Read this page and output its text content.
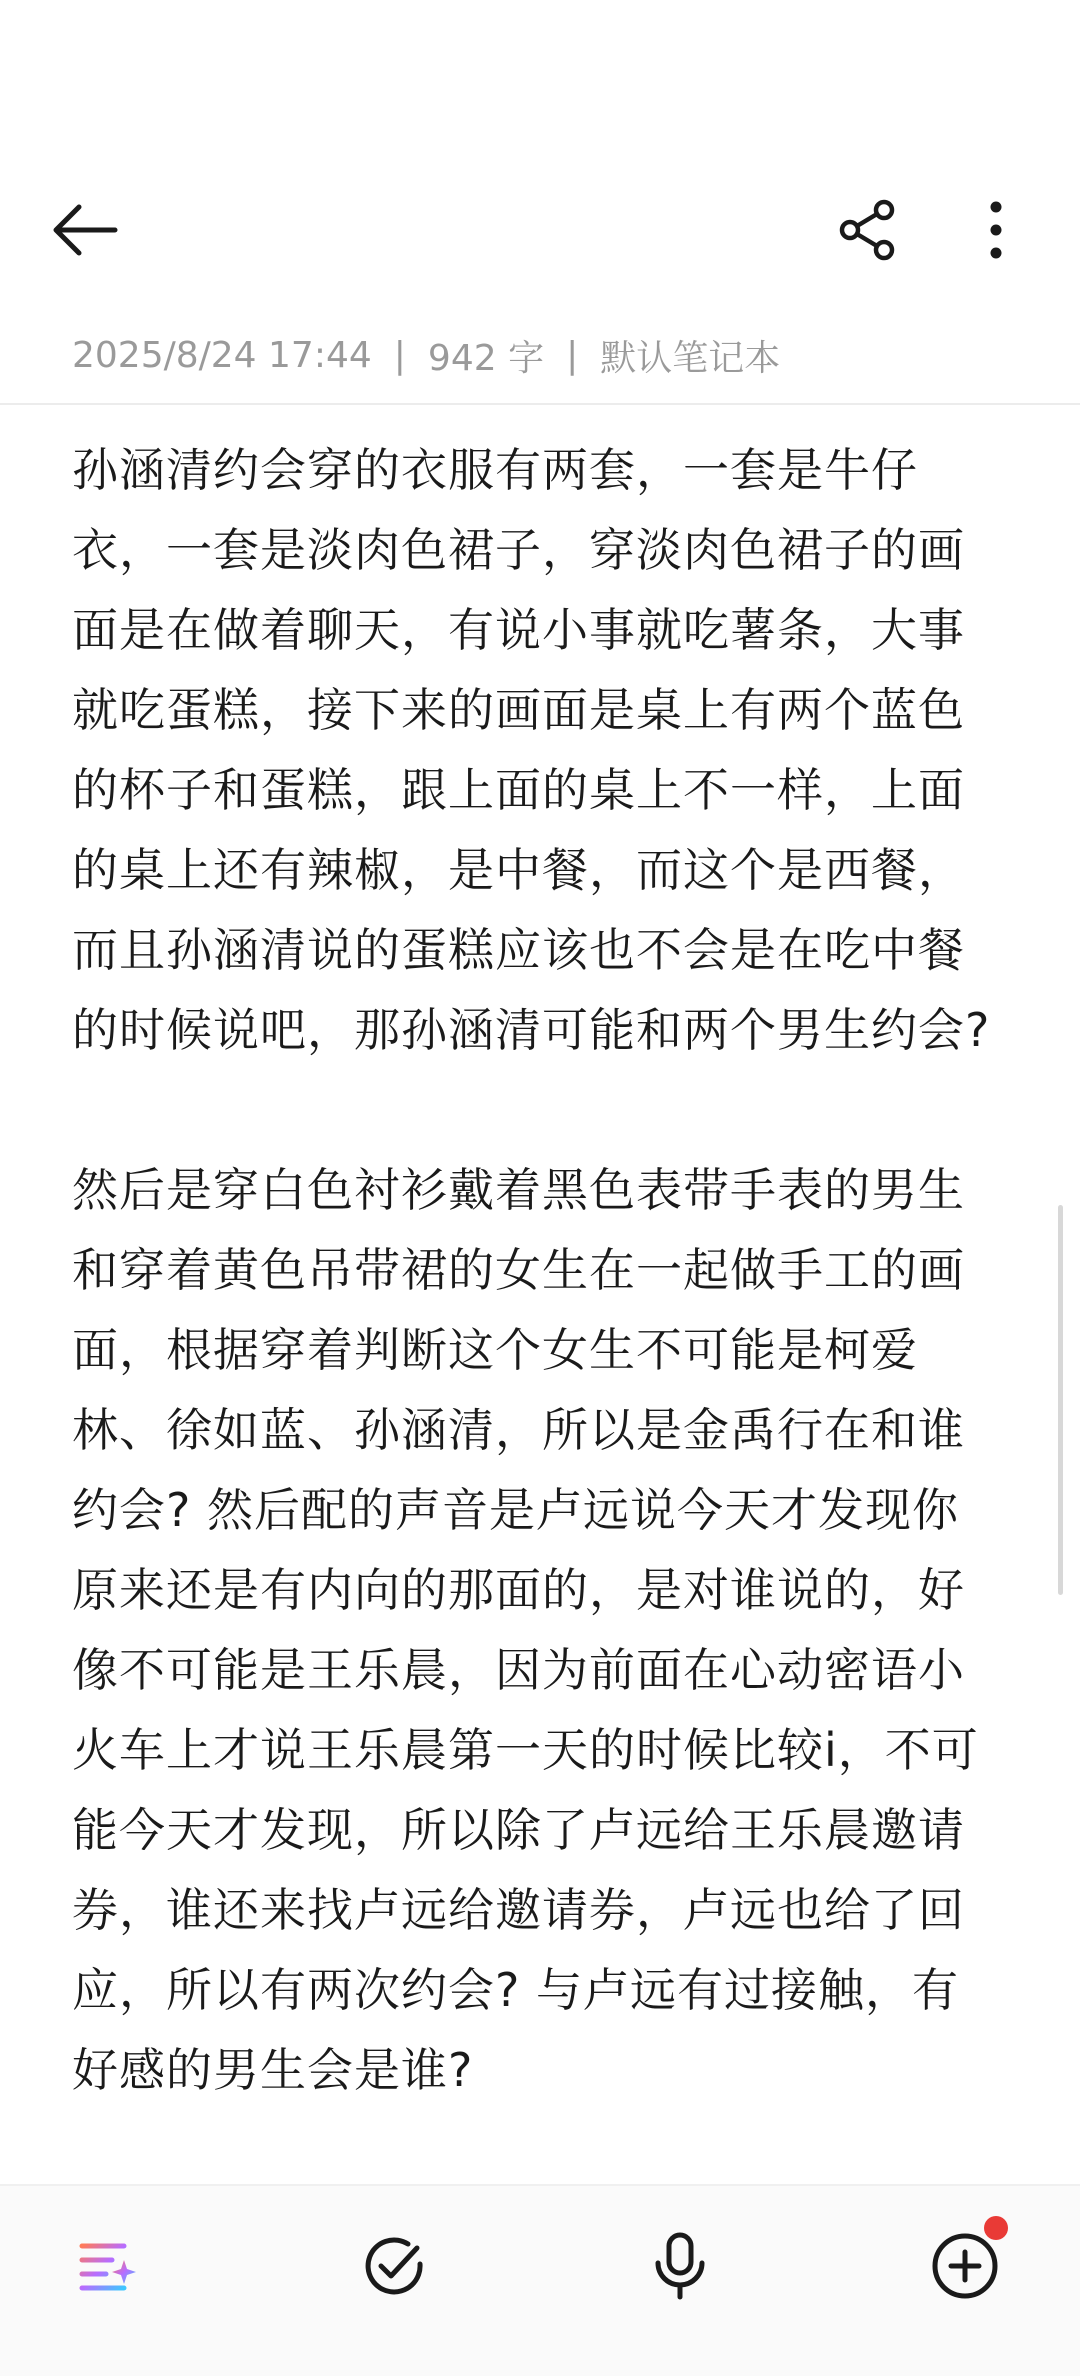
2025/8/24 17:44 | 942 字 | 默认笔记本

孙涵清约会穿的衣服有两套，一套是牛仔衣，一套是淡肉色裙子，穿淡肉色裙子的画面是在做着聊天，有说小事就吃薯条，大事就吃蛋糕，接下来的画面是桌上有两个蓝色的杯子和蛋糕，跟上面的桌上不一样，上面的桌上还有辣椒，是中餐，而这个是西餐，而且孙涵清说的蛋糕应该也不会是在吃中餐的时候说吧，那孙涵清可能和两个男生约会?

然后是穿白色衬衫戴着黑色表带手表的男生和穿着黄色吊带裙的女生在一起做手工的画面，根据穿着判断这个女生不可能是柯爱林、徐如蓝、孙涵清，所以是金禹行在和谁约会? 然后配的声音是卢远说今天才发现你原来还是有内向的那面的，是对谁说的，好像不可能是王乐晨，因为前面在心动密语小火车上才说王乐晨第一天的时候比较i，不可能今天才发现，所以除了卢远给王乐晨邀请券，谁还来找卢远给邀请券，卢远也给了回应，所以有两次约会? 与卢远有过接触，有好感的男生会是谁?
